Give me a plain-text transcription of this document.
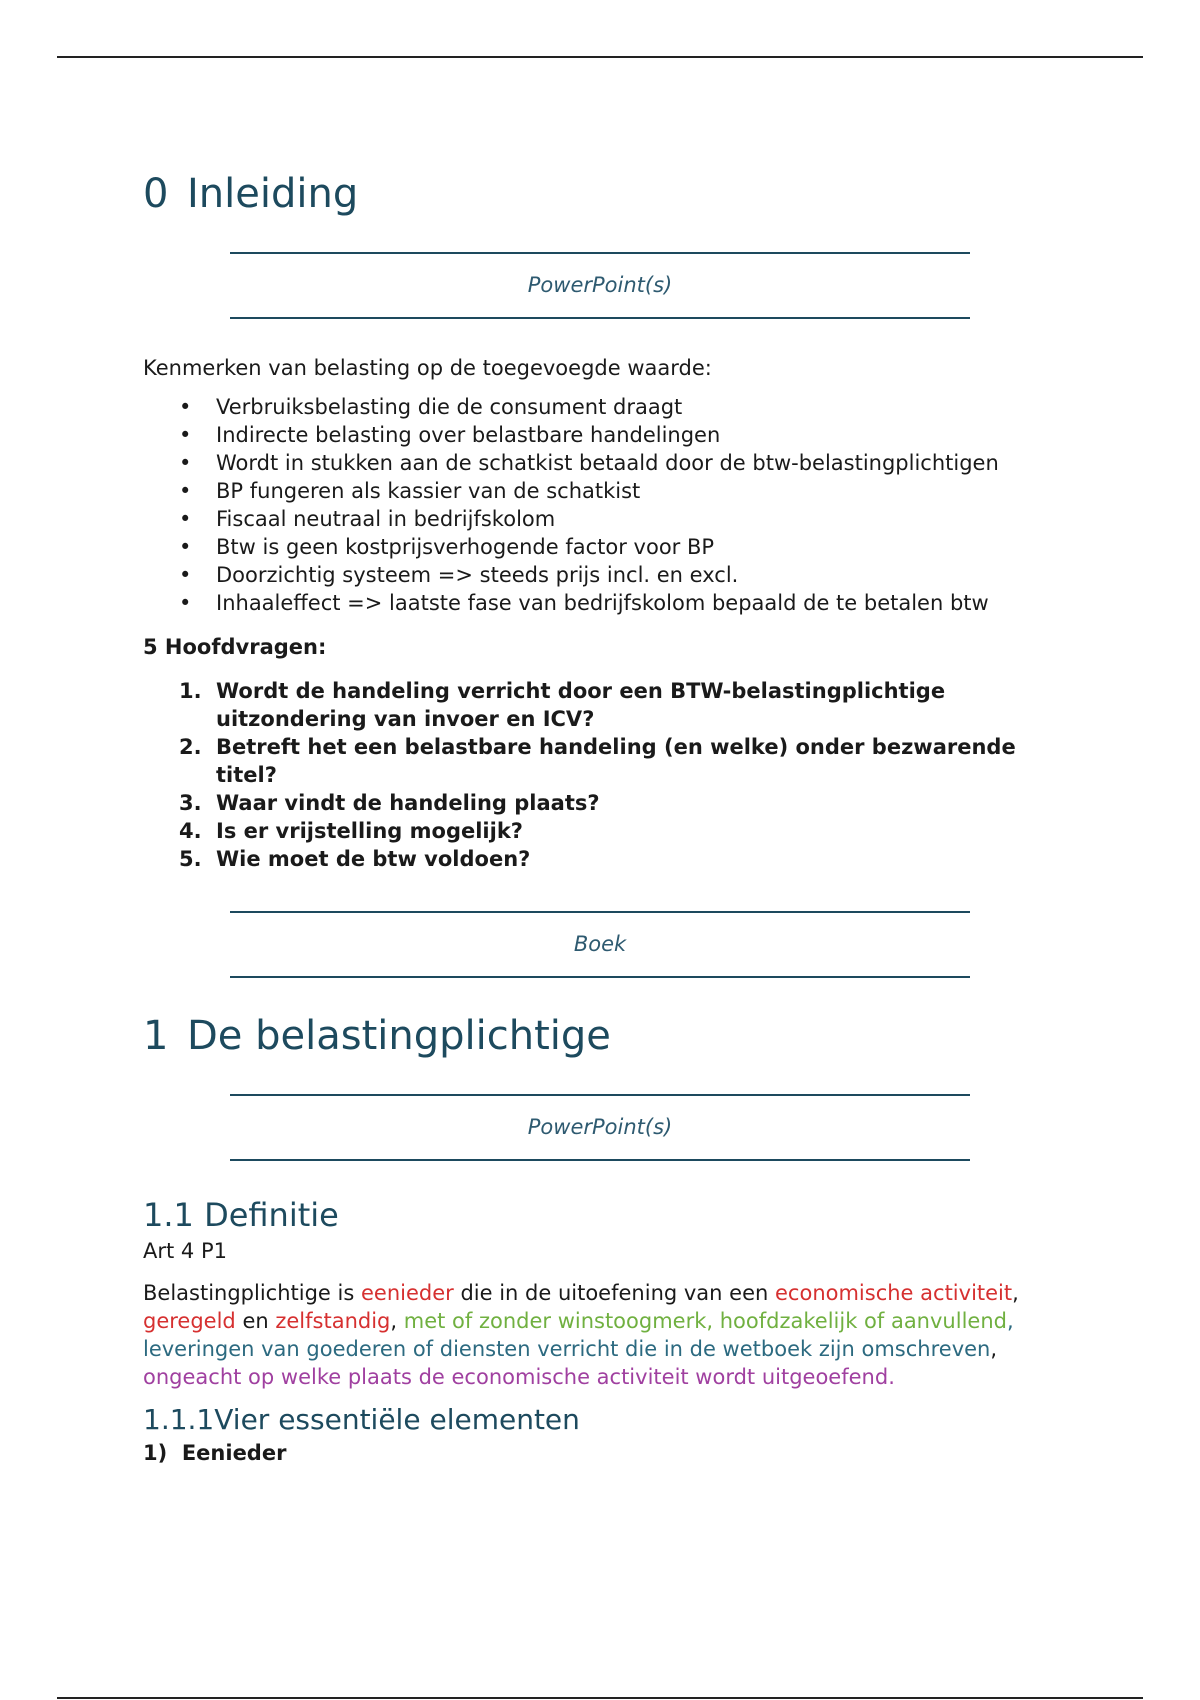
0 Inleiding
PowerPoint(s)

Kenmerken van belasting op de toegevoegde waarde:

• Verbruiksbelasting die de consument draagt
• Indirecte belasting over belastbare handelingen
• Wordt in stukken aan de schatkist betaald door de btw-belastingplichtigen
• BP fungeren als kassier van de schatkist
• Fiscaal neutraal in bedrijfskolom
• Btw is geen kostprijsverhogende factor voor BP
• Doorzichtig systeem => steeds prijs incl. en excl.
• Inhaaleffect => laatste fase van bedrijfskolom bepaald de te betalen btw

5 Hoofdvragen:

1. Wordt de handeling verricht door een BTW-belastingplichtige uitzondering van invoer en ICV?
2. Betreft het een belastbare handeling (en welke) onder bezwarende titel?
3. Waar vindt de handeling plaats?
4. Is er vrijstelling mogelijk?
5. Wie moet de btw voldoen?
Boek
1 De belastingplichtige
PowerPoint(s)
1.1 Definitie

Art 4 P1

Belastingplichtige is eenieder die in de uitoefening van een economische activiteit, geregeld en zelfstandig, met of zonder winstoogmerk, hoofdzakelijk of aanvullend, leveringen van goederen of diensten verricht die in de wetboek zijn omschreven, ongeacht op welke plaats de economische activiteit wordt uitgeoefend.

1.1.1Vier essentiële elementen

1)  Eenieder
